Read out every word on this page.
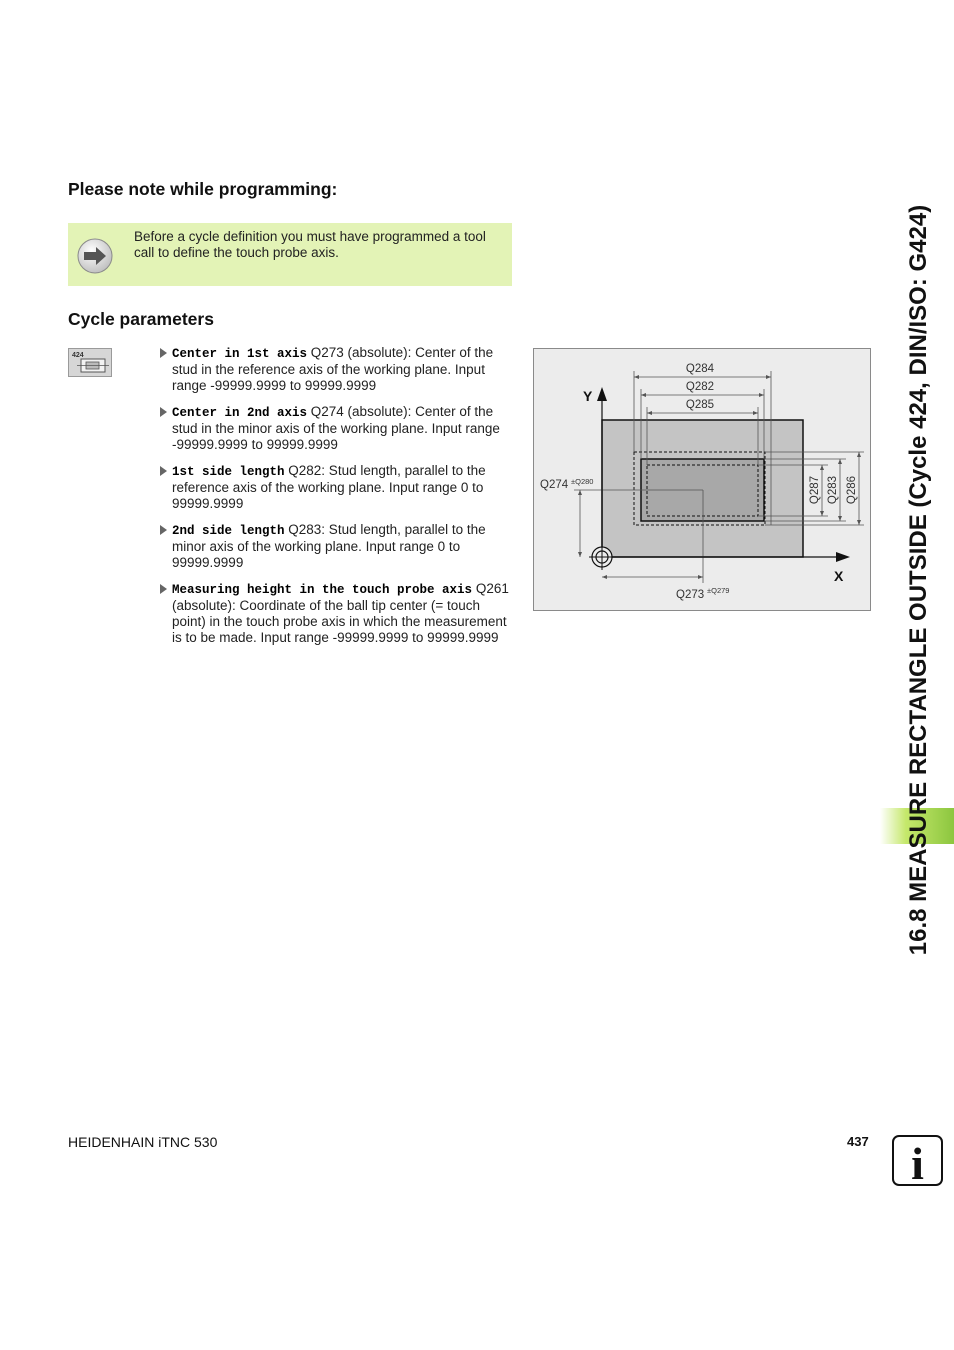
Please note while programming:
Before a cycle definition you must have programmed a tool call to define the touch probe axis.
Cycle parameters
424	Center in 1st axis Q273 (absolute): Center of the stud in the reference axis of the working plane. Input range -99999.9999 to 99999.9999
Center in 2nd axis Q274 (absolute): Center of the stud in the minor axis of the working plane. Input range -99999.9999 to 99999.9999
1st side length Q282: Stud length, parallel to the reference axis of the working plane. Input range 0 to 99999.9999
2nd side length Q283: Stud length, parallel to the minor axis of the working plane. Input range 0 to 99999.9999
Measuring height in the touch probe axis Q261 (absolute): Coordinate of the ball tip center (= touch point) in the touch probe axis in which the measurement is to be made. Input range -99999.9999 to 99999.9999
Y
X
Q284
Q282
Q285
Q287 Q283 Q286
Q274 ±Q280
Q273 ±Q279	16.8 MEASURE RECTANGLE OUTSIDE (Cycle 424, DIN/ISO: G424)
HEIDENHAIN iTNC 530	437 i
